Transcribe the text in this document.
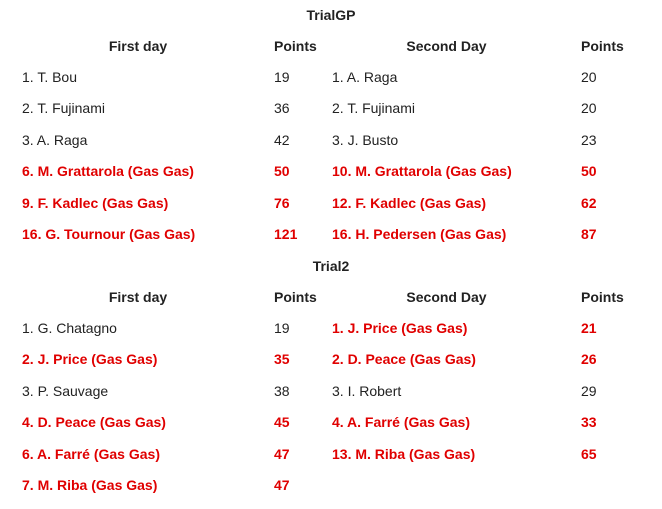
TrialGP
First day	Points	Second Day	Points
1. T. Bou	19	1. A. Raga	20
2. T. Fujinami	36	2. T. Fujinami	20
3. A. Raga	42	3. J. Busto	23
6. M. Grattarola (Gas Gas)	50	10. M. Grattarola (Gas Gas)	50
9. F. Kadlec (Gas Gas)	76	12. F. Kadlec (Gas Gas)	62
16. G. Tournour (Gas Gas)	121	16. H. Pedersen (Gas Gas)	87
Trial2
First day	Points	Second Day	Points
1. G. Chatagno	19	1. J. Price (Gas Gas)	21
2. J. Price (Gas Gas)	35	2. D. Peace (Gas Gas)	26
3. P. Sauvage	38	3. I. Robert	29
4. D. Peace (Gas Gas)	45	4. A. Farré (Gas Gas)	33
6. A. Farré (Gas Gas)	47	13. M. Riba (Gas Gas)	65
7. M. Riba (Gas Gas)	47		
